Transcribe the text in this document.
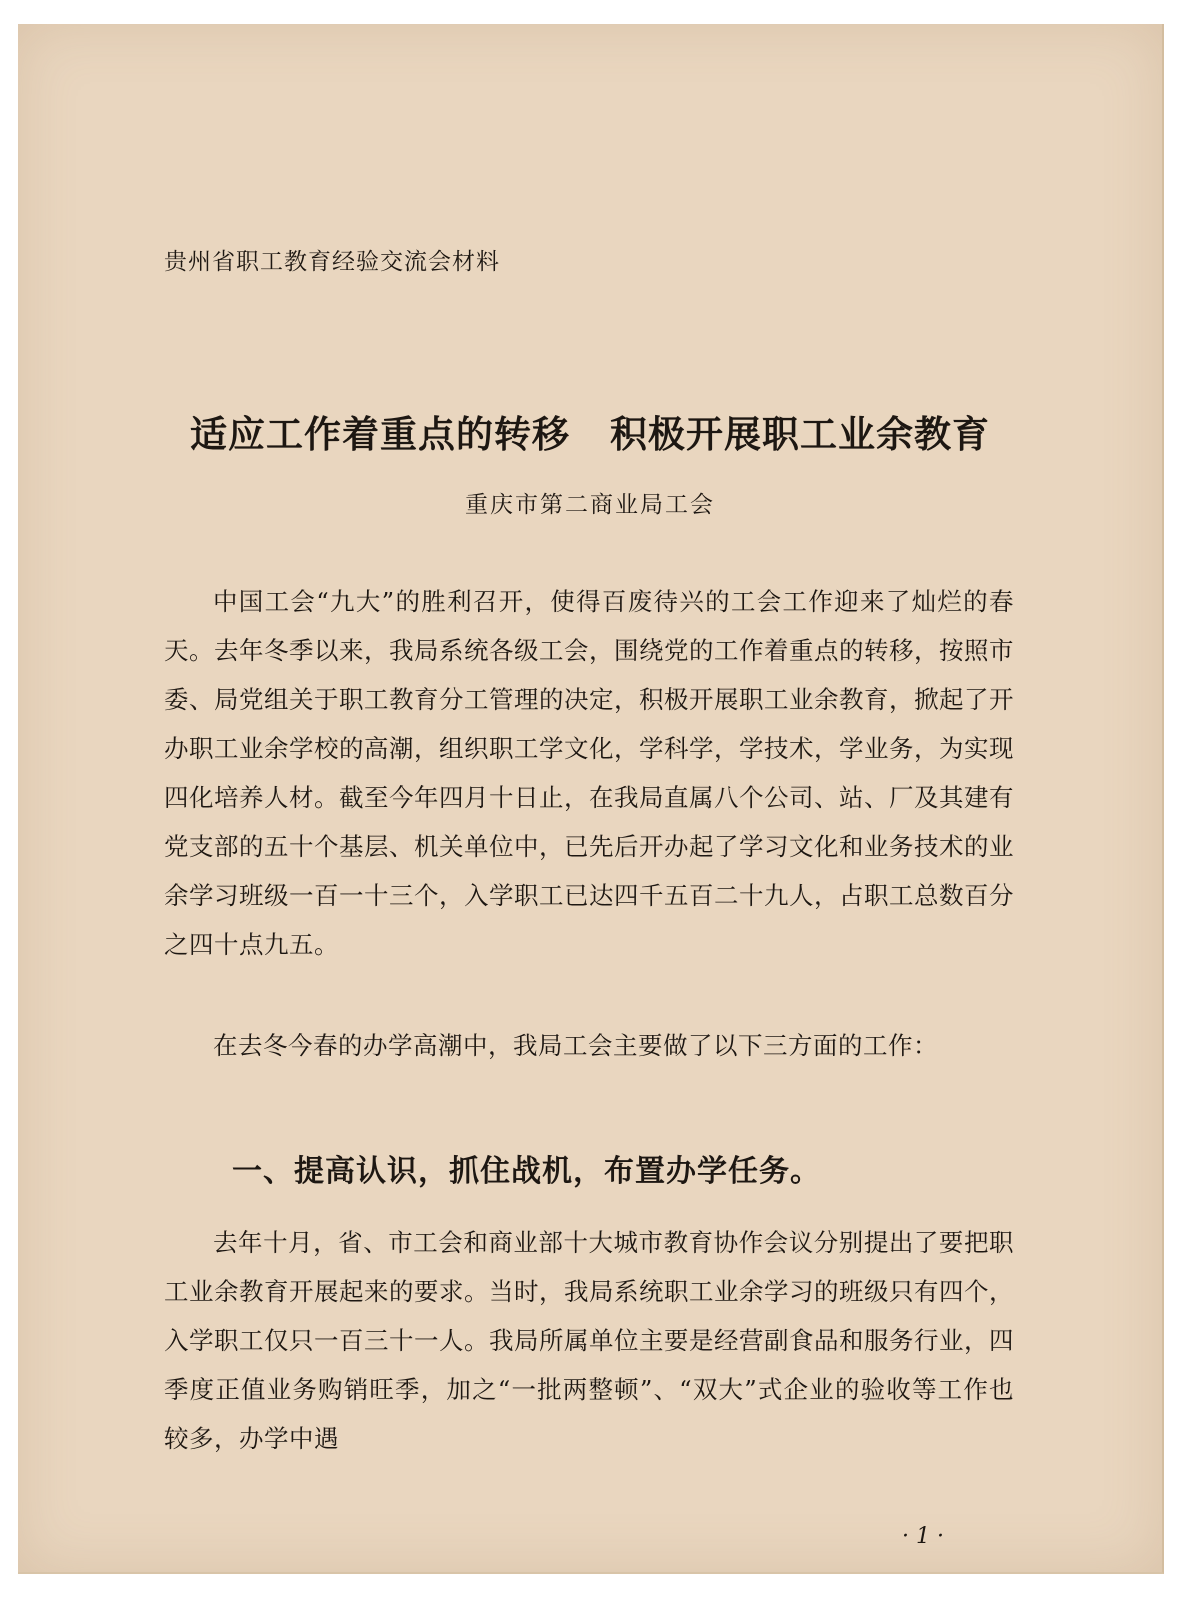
贵州省职工教育经验交流会材料
适应工作着重点的转移 积极开展职工业余教育
重庆市第二商业局工会
中国工会“九大”的胜利召开，使得百废待兴的工会工作迎来了灿烂的春天。去年冬季以来，我局系统各级工会，围绕党的工作着重点的转移，按照市委、局党组关于职工教育分工管理的决定，积极开展职工业余教育，掀起了开办职工业余学校的高潮，组织职工学文化，学科学，学技术，学业务，为实现四化培养人材。截至今年四月十日止，在我局直属八个公司、站、厂及其建有党支部的五十个基层、机关单位中，已先后开办起了学习文化和业务技术的业余学习班级一百一十三个，入学职工已达四千五百二十九人，占职工总数百分之四十点九五。
在去冬今春的办学高潮中，我局工会主要做了以下三方面的工作：
一、提高认识，抓住战机，布置办学任务。
去年十月，省、市工会和商业部十大城市教育协作会议分别提出了要把职工业余教育开展起来的要求。当时，我局系统职工业余学习的班级只有四个，入学职工仅只一百三十一人。我局所属单位主要是经营副食品和服务行业，四季度正值业务购销旺季，加之“一批两整顿”、“双大”式企业的验收等工作也较多，办学中遇
· 1 ·
